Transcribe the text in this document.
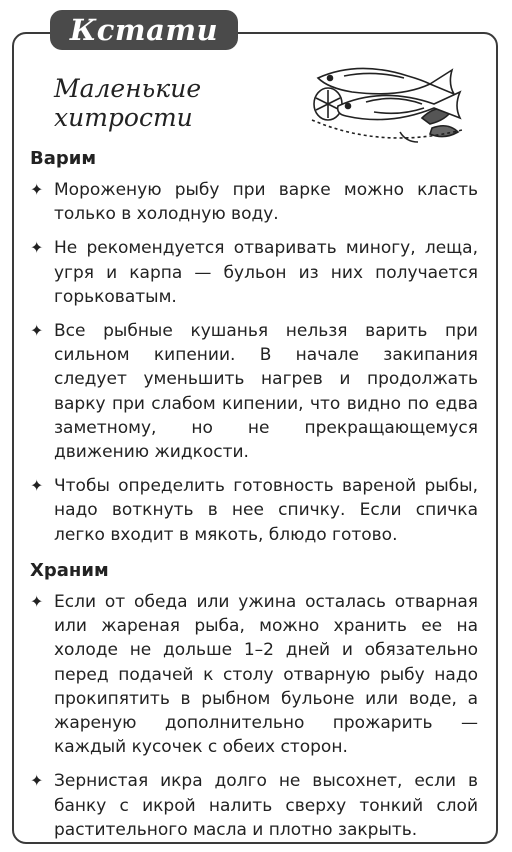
Кстати
Маленькие
хитрости
Варим
✦ Мороженую рыбу при варке можно класть только в холодную воду.
✦ Не рекомендуется отваривать миногу, леща, угря и карпа — бульон из них получается горьковатым.
✦ Все рыбные кушанья нельзя варить при сильном кипении. В начале закипания следует уменьшить нагрев и продолжать варку при слабом кипении, что видно по едва заметному, но не прекращающемуся движению жидкости.
✦ Чтобы определить готовность вареной рыбы, надо воткнуть в нее спичку. Если спичка легко входит в мякоть, блюдо готово.
Храним
✦ Если от обеда или ужина осталась отварная или жареная рыба, можно хранить ее на холоде не дольше 1–2 дней и обязательно перед подачей к столу отварную рыбу надо прокипятить в рыбном бульоне или воде, а жареную дополнительно прожарить — каждый кусочек с обеих сторон.
✦ Зернистая икра долго не высохнет, если в банку с икрой налить сверху тонкий слой растительного масла и плотно закрыть.
